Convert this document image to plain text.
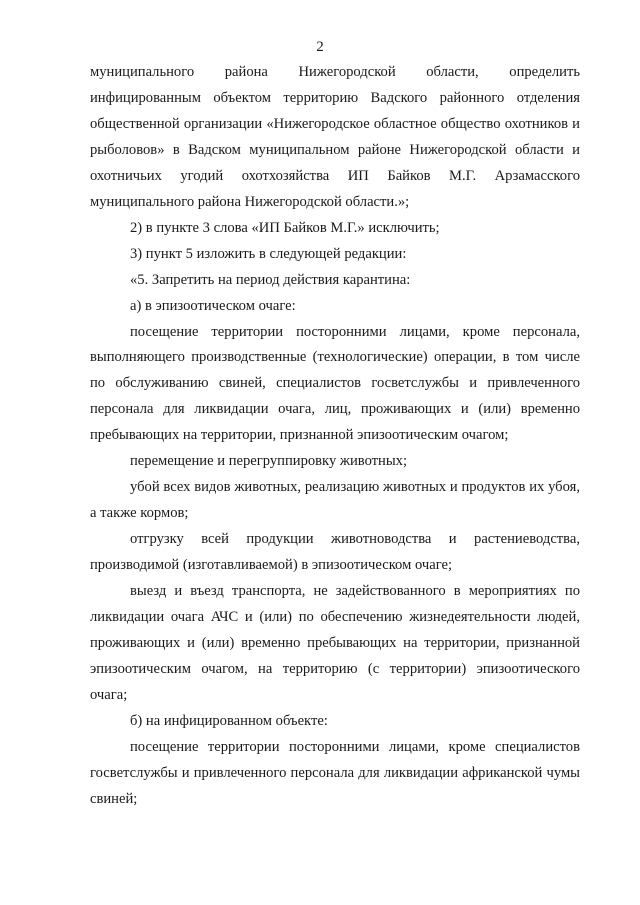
2

муниципального района Нижегородской области, определить инфицированным объектом территорию Вадского районного отделения общественной организации «Нижегородское областное общество охотников и рыболовов» в Вадском муниципальном районе Нижегородской области и охотничьих угодий охотхозяйства ИП Байков М.Г. Арзамасского муниципального района Нижегородской области.»;

2) в пункте 3 слова «ИП Байков М.Г.» исключить;

3) пункт 5 изложить в следующей редакции:

«5. Запретить на период действия карантина:

а) в эпизоотическом очаге:

посещение территории посторонними лицами, кроме персонала, выполняющего производственные (технологические) операции, в том числе по обслуживанию свиней, специалистов госветслужбы и привлеченного персонала для ликвидации очага, лиц, проживающих и (или) временно пребывающих на территории, признанной эпизоотическим очагом;

перемещение и перегруппировку животных;

убой всех видов животных, реализацию животных и продуктов их убоя, а также кормов;

отгрузку всей продукции животноводства и растениеводства, производимой (изготавливаемой) в эпизоотическом очаге;

выезд и въезд транспорта, не задействованного в мероприятиях по ликвидации очага АЧС и (или) по обеспечению жизнедеятельности людей, проживающих и (или) временно пребывающих на территории, признанной эпизоотическим очагом, на территорию (с территории) эпизоотического очага;

б) на инфицированном объекте:

посещение территории посторонними лицами, кроме специалистов госветслужбы и привлеченного персонала для ликвидации африканской чумы свиней;
